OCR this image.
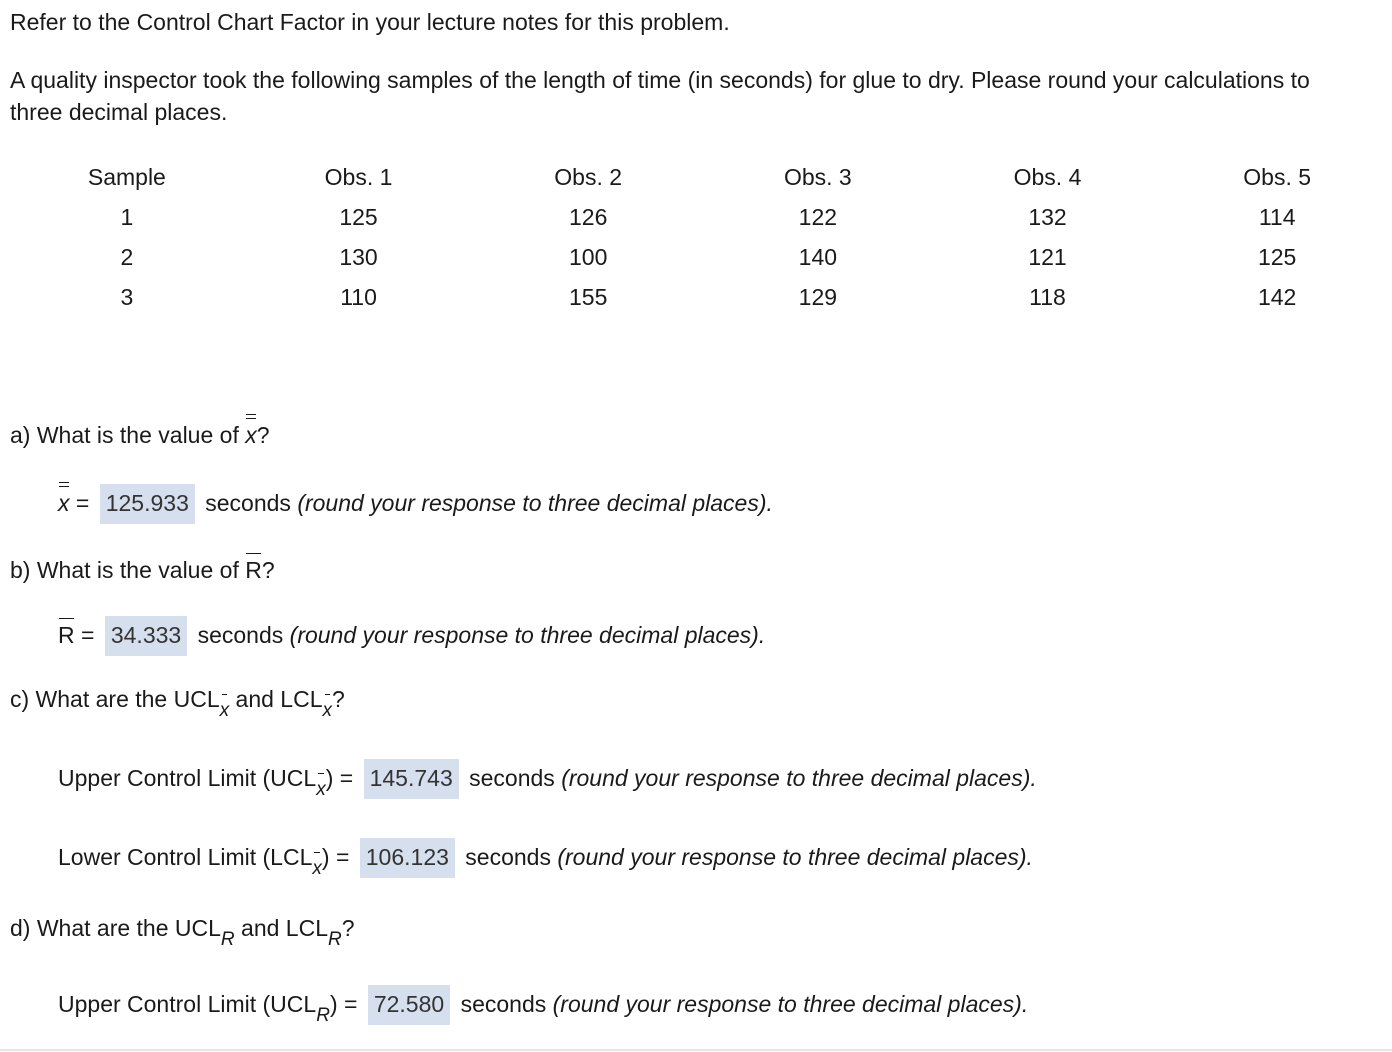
Refer to the Control Chart Factor in your lecture notes for this problem.
A quality inspector took the following samples of the length of time (in seconds) for glue to dry. Please round your calculations to three decimal places.
Sample	Obs. 1	Obs. 2	Obs. 3	Obs. 4	Obs. 5
1	125	126	122	132	114
2	130	100	140	121	125
3	110	155	129	118	142
a) What is the value of x?
x = 125.933 seconds (round your response to three decimal places).
b) What is the value of R?
R = 34.333 seconds (round your response to three decimal places).
c) What are the UCLx and LCLx?
Upper Control Limit (UCLx) = 145.743 seconds (round your response to three decimal places).
Lower Control Limit (LCLx) = 106.123 seconds (round your response to three decimal places).
d) What are the UCLR and LCLR?
Upper Control Limit (UCLR) = 72.580 seconds (round your response to three decimal places).
